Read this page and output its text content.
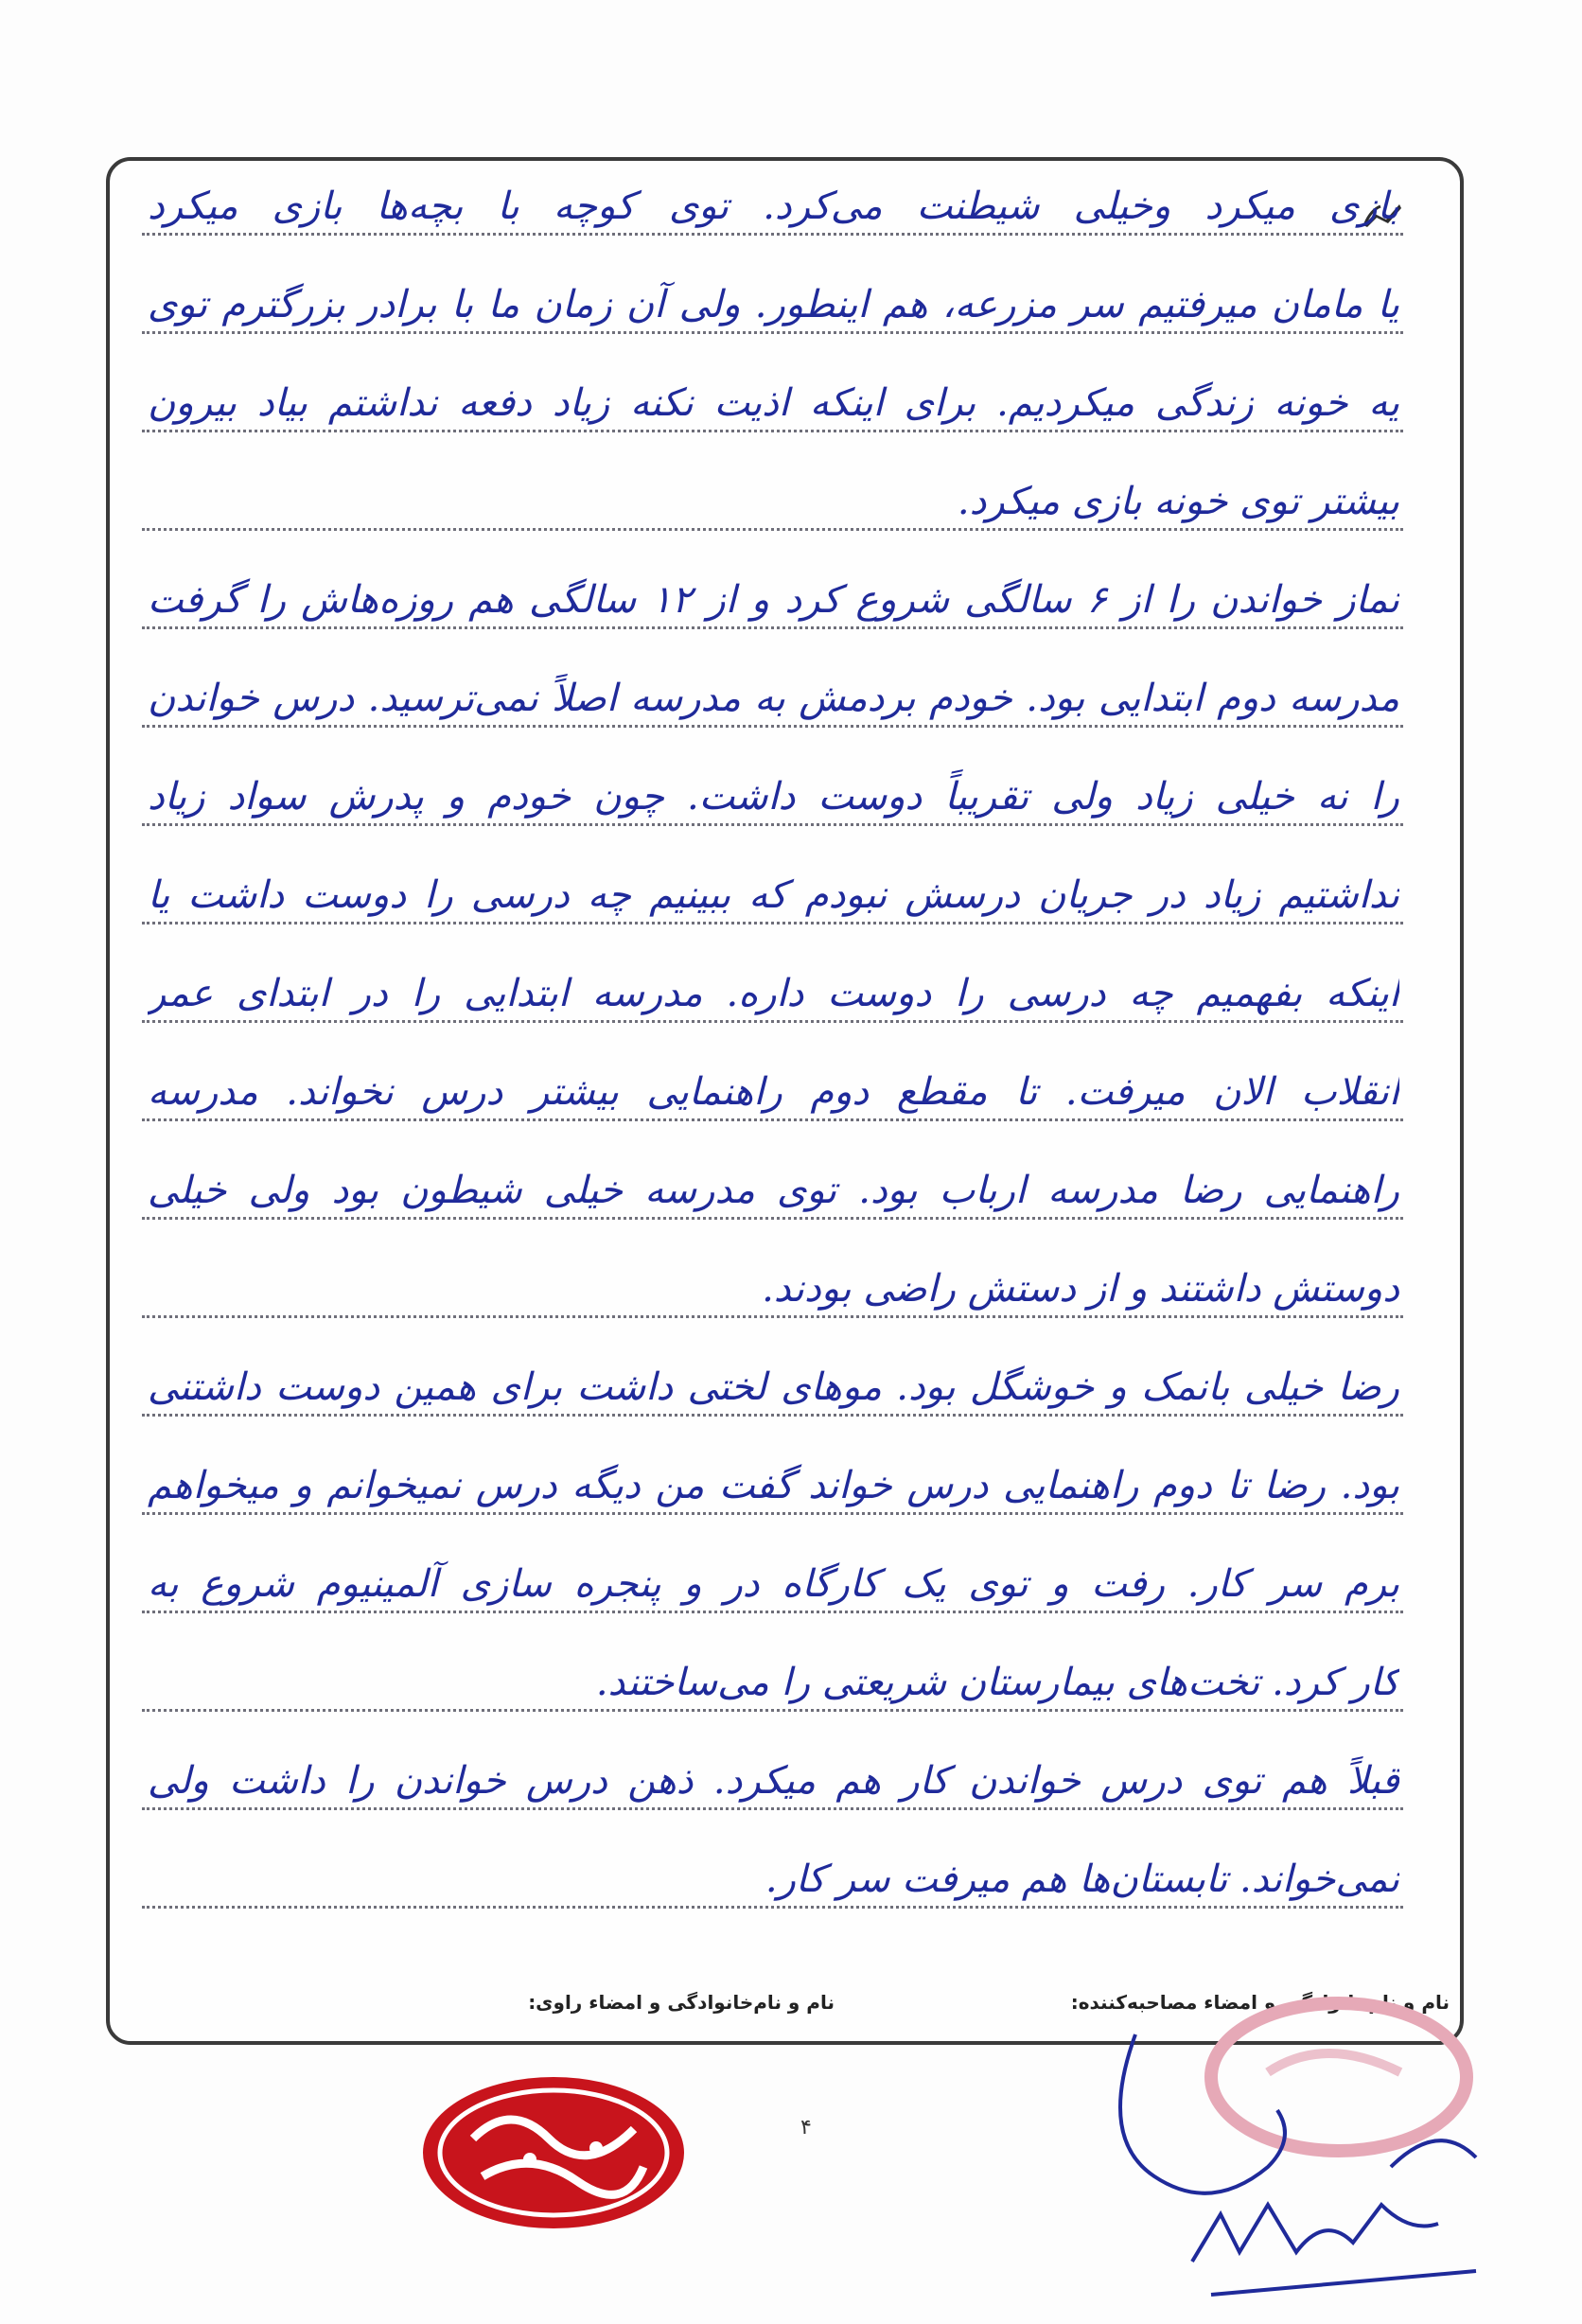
بازی میکرد وخیلی شیطنت می‌کرد. توی کوچه با بچه‌ها بازی میکرد
یا مامان میرفتیم سر مزرعه، هم اینطور. ولی آن زمان ما با برادر بزرگترم توی
یه خونه زندگی میکردیم. برای اینکه اذیت نکنه زیاد دفعه نداشتم بیاد بیرون
بیشتر توی خونه بازی میکرد.
نماز خواندن را از ۶ سالگی شروع کرد و از ۱۲ سالگی هم روزه‌هاش را گرفت
مدرسه دوم ابتدایی بود. خودم بردمش به مدرسه اصلاً نمی‌ترسید. درس خواندن
را نه خیلی زیاد ولی تقریباً دوست داشت. چون خودم و پدرش سواد زیاد
نداشتیم زیاد در جریان درسش نبودم که ببینیم چه درسی را دوست داشت یا
اینکه بفهمیم چه درسی را دوست داره. مدرسه ابتدایی را در ابتدای عمر
انقلاب الان میرفت. تا مقطع دوم راهنمایی بیشتر درس نخواند. مدرسه
راهنمایی رضا مدرسه ارباب بود. توی مدرسه خیلی شیطون بود ولی خیلی
دوستش داشتند و از دستش راضی بودند.
رضا خیلی بانمک و خوشگل بود. موهای لختی داشت برای همین دوست داشتنی
بود. رضا تا دوم راهنمایی درس خواند گفت من دیگه درس نمیخوانم و میخواهم
برم سر کار. رفت و توی یک کارگاه در و پنجره سازی آلمینیوم شروع به
کار کرد. تخت‌های بیمارستان شریعتی را می‌ساختند.
قبلاً هم توی درس خواندن کار هم میکرد. ذهن درس خواندن را داشت ولی
نمی‌خواند. تابستان‌ها هم میرفت سر کار.
نام و نام‌خانوادگی و امضاء مصاحبه‌کننده:
نام و نام‌خانوادگی و امضاء راوی:
۴
